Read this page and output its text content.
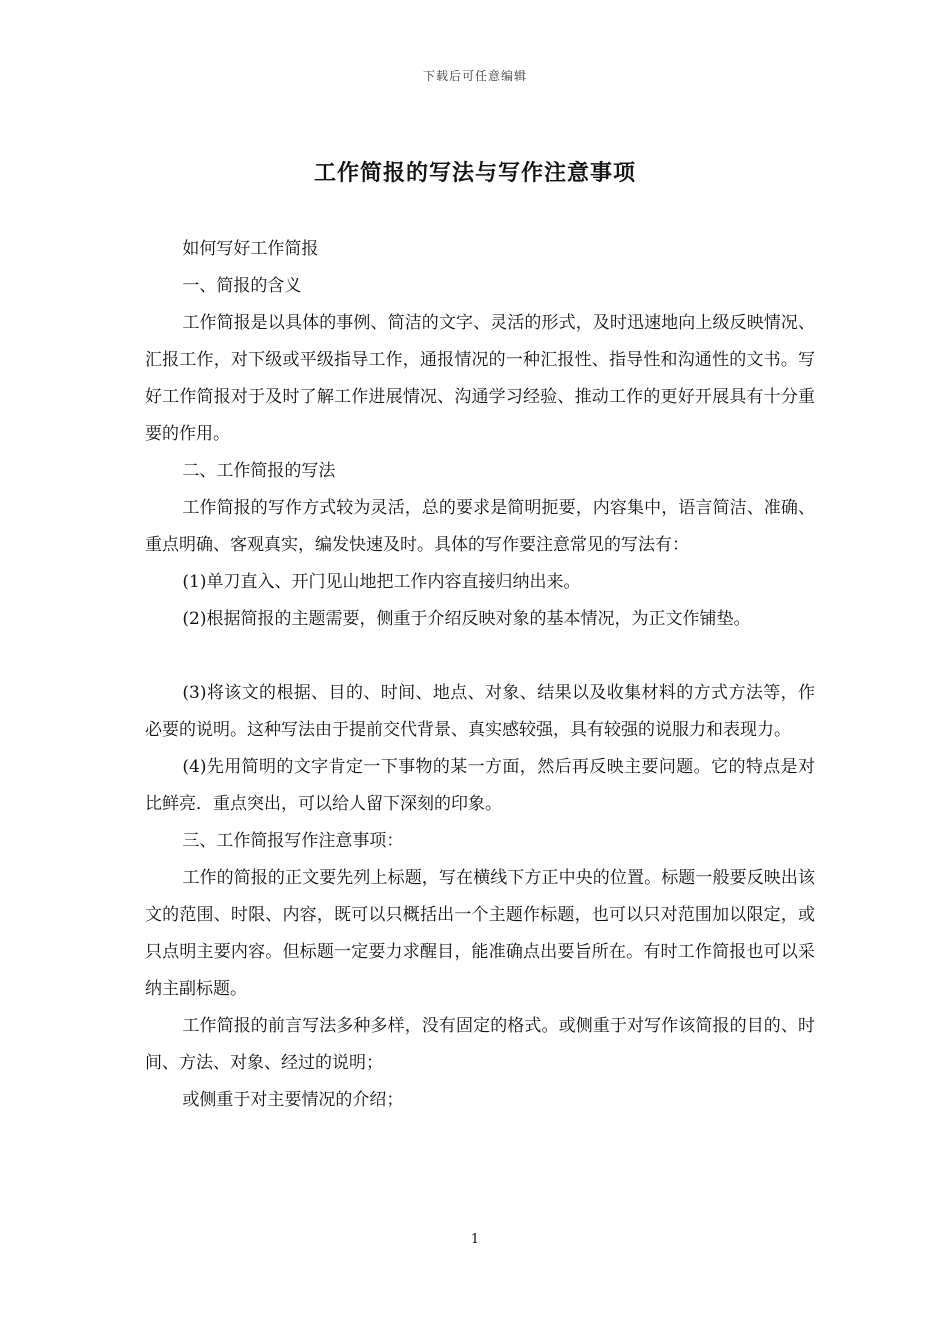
下载后可任意编辑
工作简报的写法与写作注意事项

如何写好工作简报

一、简报的含义

工作简报是以具体的事例、简洁的文字、灵活的形式，及时迅速地向上级反映情况、汇报工作，对下级或平级指导工作，通报情况的一种汇报性、指导性和沟通性的文书。写好工作简报对于及时了解工作进展情况、沟通学习经验、推动工作的更好开展具有十分重要的作用。

二、工作简报的写法

工作简报的写作方式较为灵活，总的要求是简明扼要，内容集中，语言简洁、准确、重点明确、客观真实，编发快速及时。具体的写作要注意常见的写法有：

(1)单刀直入、开门见山地把工作内容直接归纳出来。

(2)根据简报的主题需要，侧重于介绍反映对象的基本情况，为正文作铺垫。

(3)将该文的根据、目的、时间、地点、对象、结果以及收集材料的方式方法等，作必要的说明。这种写法由于提前交代背景、真实感较强，具有较强的说服力和表现力。

(4)先用简明的文字肯定一下事物的某一方面，然后再反映主要问题。它的特点是对比鲜亮．重点突出，可以给人留下深刻的印象。

三、工作简报写作注意事项：

工作的简报的正文要先列上标题，写在横线下方正中央的位置。标题一般要反映出该文的范围、时限、内容，既可以只概括出一个主题作标题，也可以只对范围加以限定，或只点明主要内容。但标题一定要力求醒目，能准确点出要旨所在。有时工作简报也可以采纳主副标题。

工作简报的前言写法多种多样，没有固定的格式。或侧重于对写作该简报的目的、时间、方法、对象、经过的说明；

或侧重于对主要情况的介绍；

1
